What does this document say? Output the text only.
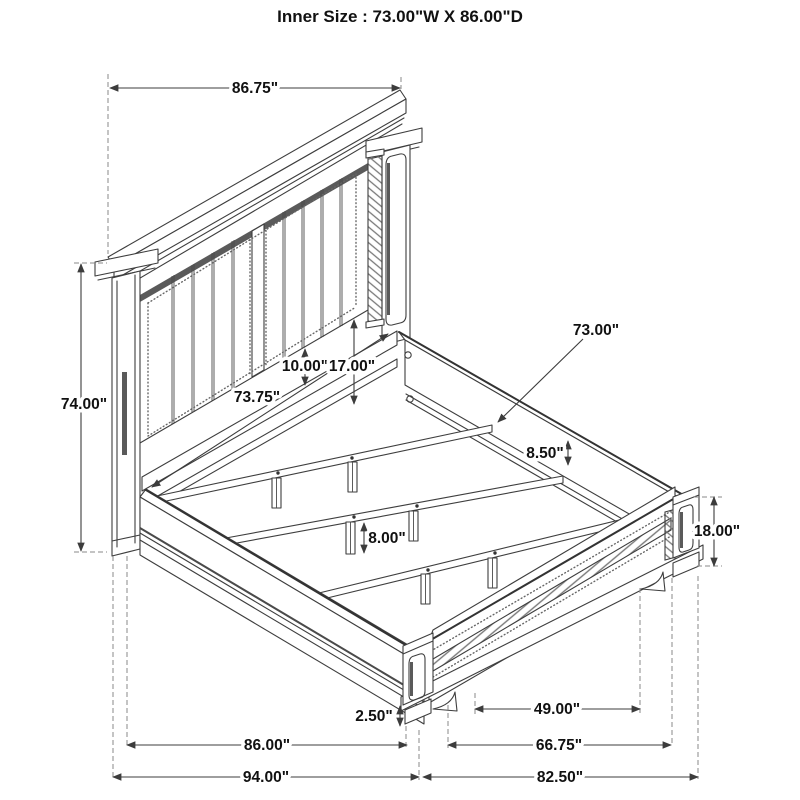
Inner Size : 73.00"W X 86.00"D
86.75"
74.00"
10.00" 17.00"
73.75"
73.00"
8.50"
8.00"	18.00"
2.50"	49.00"
86.00"	66.75"
94.00"	82.50"
